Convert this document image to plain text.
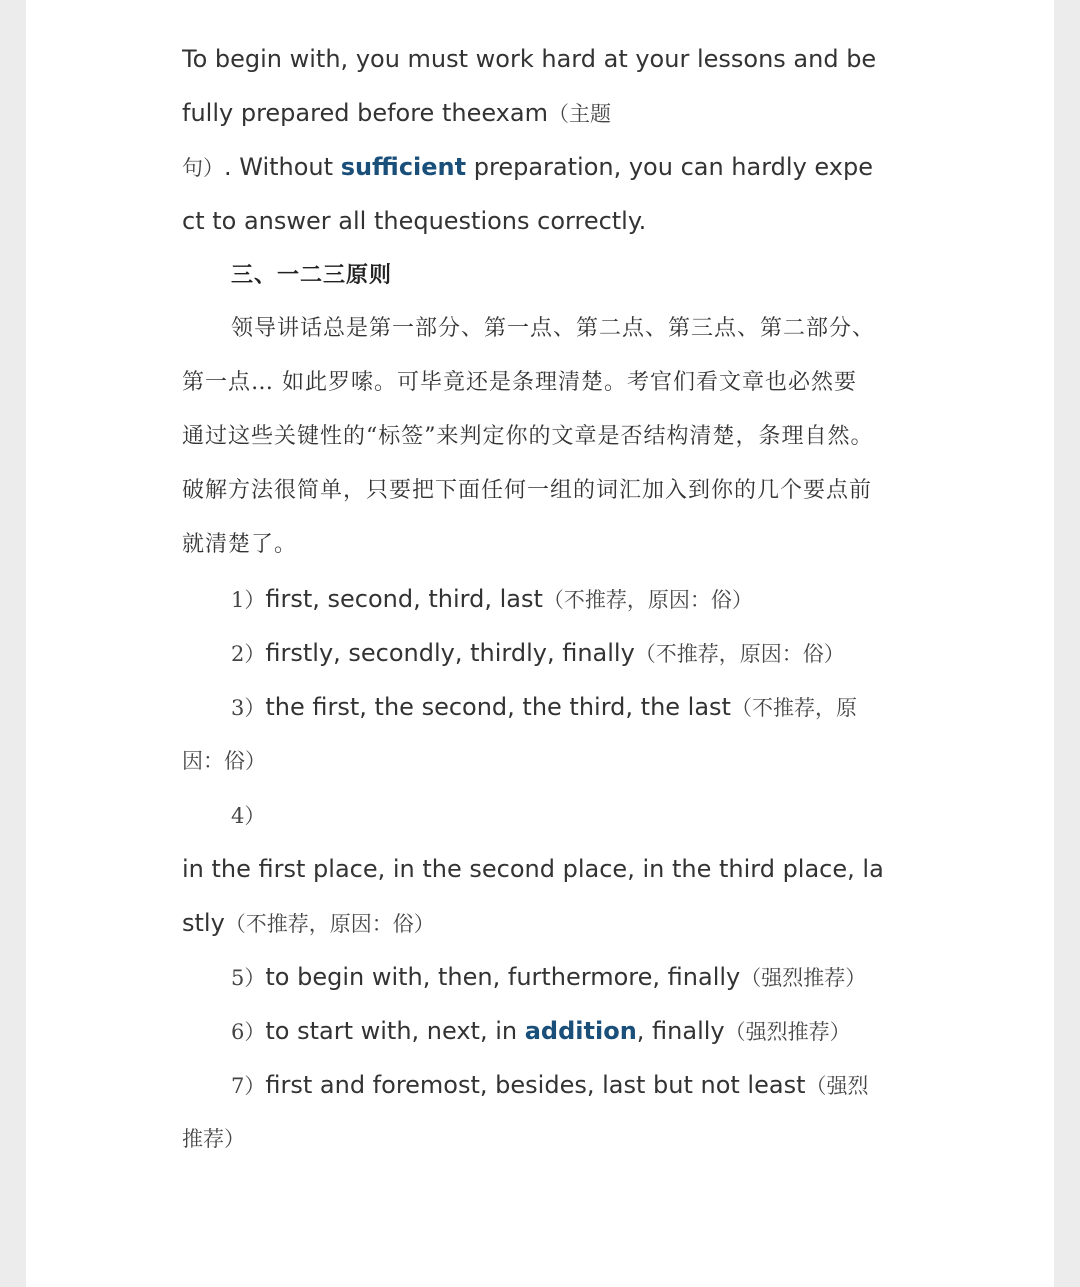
To begin with, you must work hard at your lessons and be
fully prepared before theexam（主题
句）. Without sufficient preparation, you can hardly expe
ct to answer all thequestions correctly.
三、一二三原则
领导讲话总是第一部分、第一点、第二点、第三点、第二部分、
第一点… 如此罗嗦。可毕竟还是条理清楚。考官们看文章也必然要
通过这些关键性的“标签”来判定你的文章是否结构清楚，条理自然。
破解方法很简单，只要把下面任何一组的词汇加入到你的几个要点前
就清楚了。
1）first, second, third, last（不推荐，原因：俗）
2）firstly, secondly, thirdly, finally（不推荐，原因：俗）
3）the first, the second, the third, the last（不推荐，原
因：俗）
4）
in the first place, in the second place, in the third place, la
stly（不推荐，原因：俗）
5）to begin with, then, furthermore, finally（强烈推荐）
6）to start with, next, in addition, finally（强烈推荐）
7）first and foremost, besides, last but not least（强烈
推荐）
